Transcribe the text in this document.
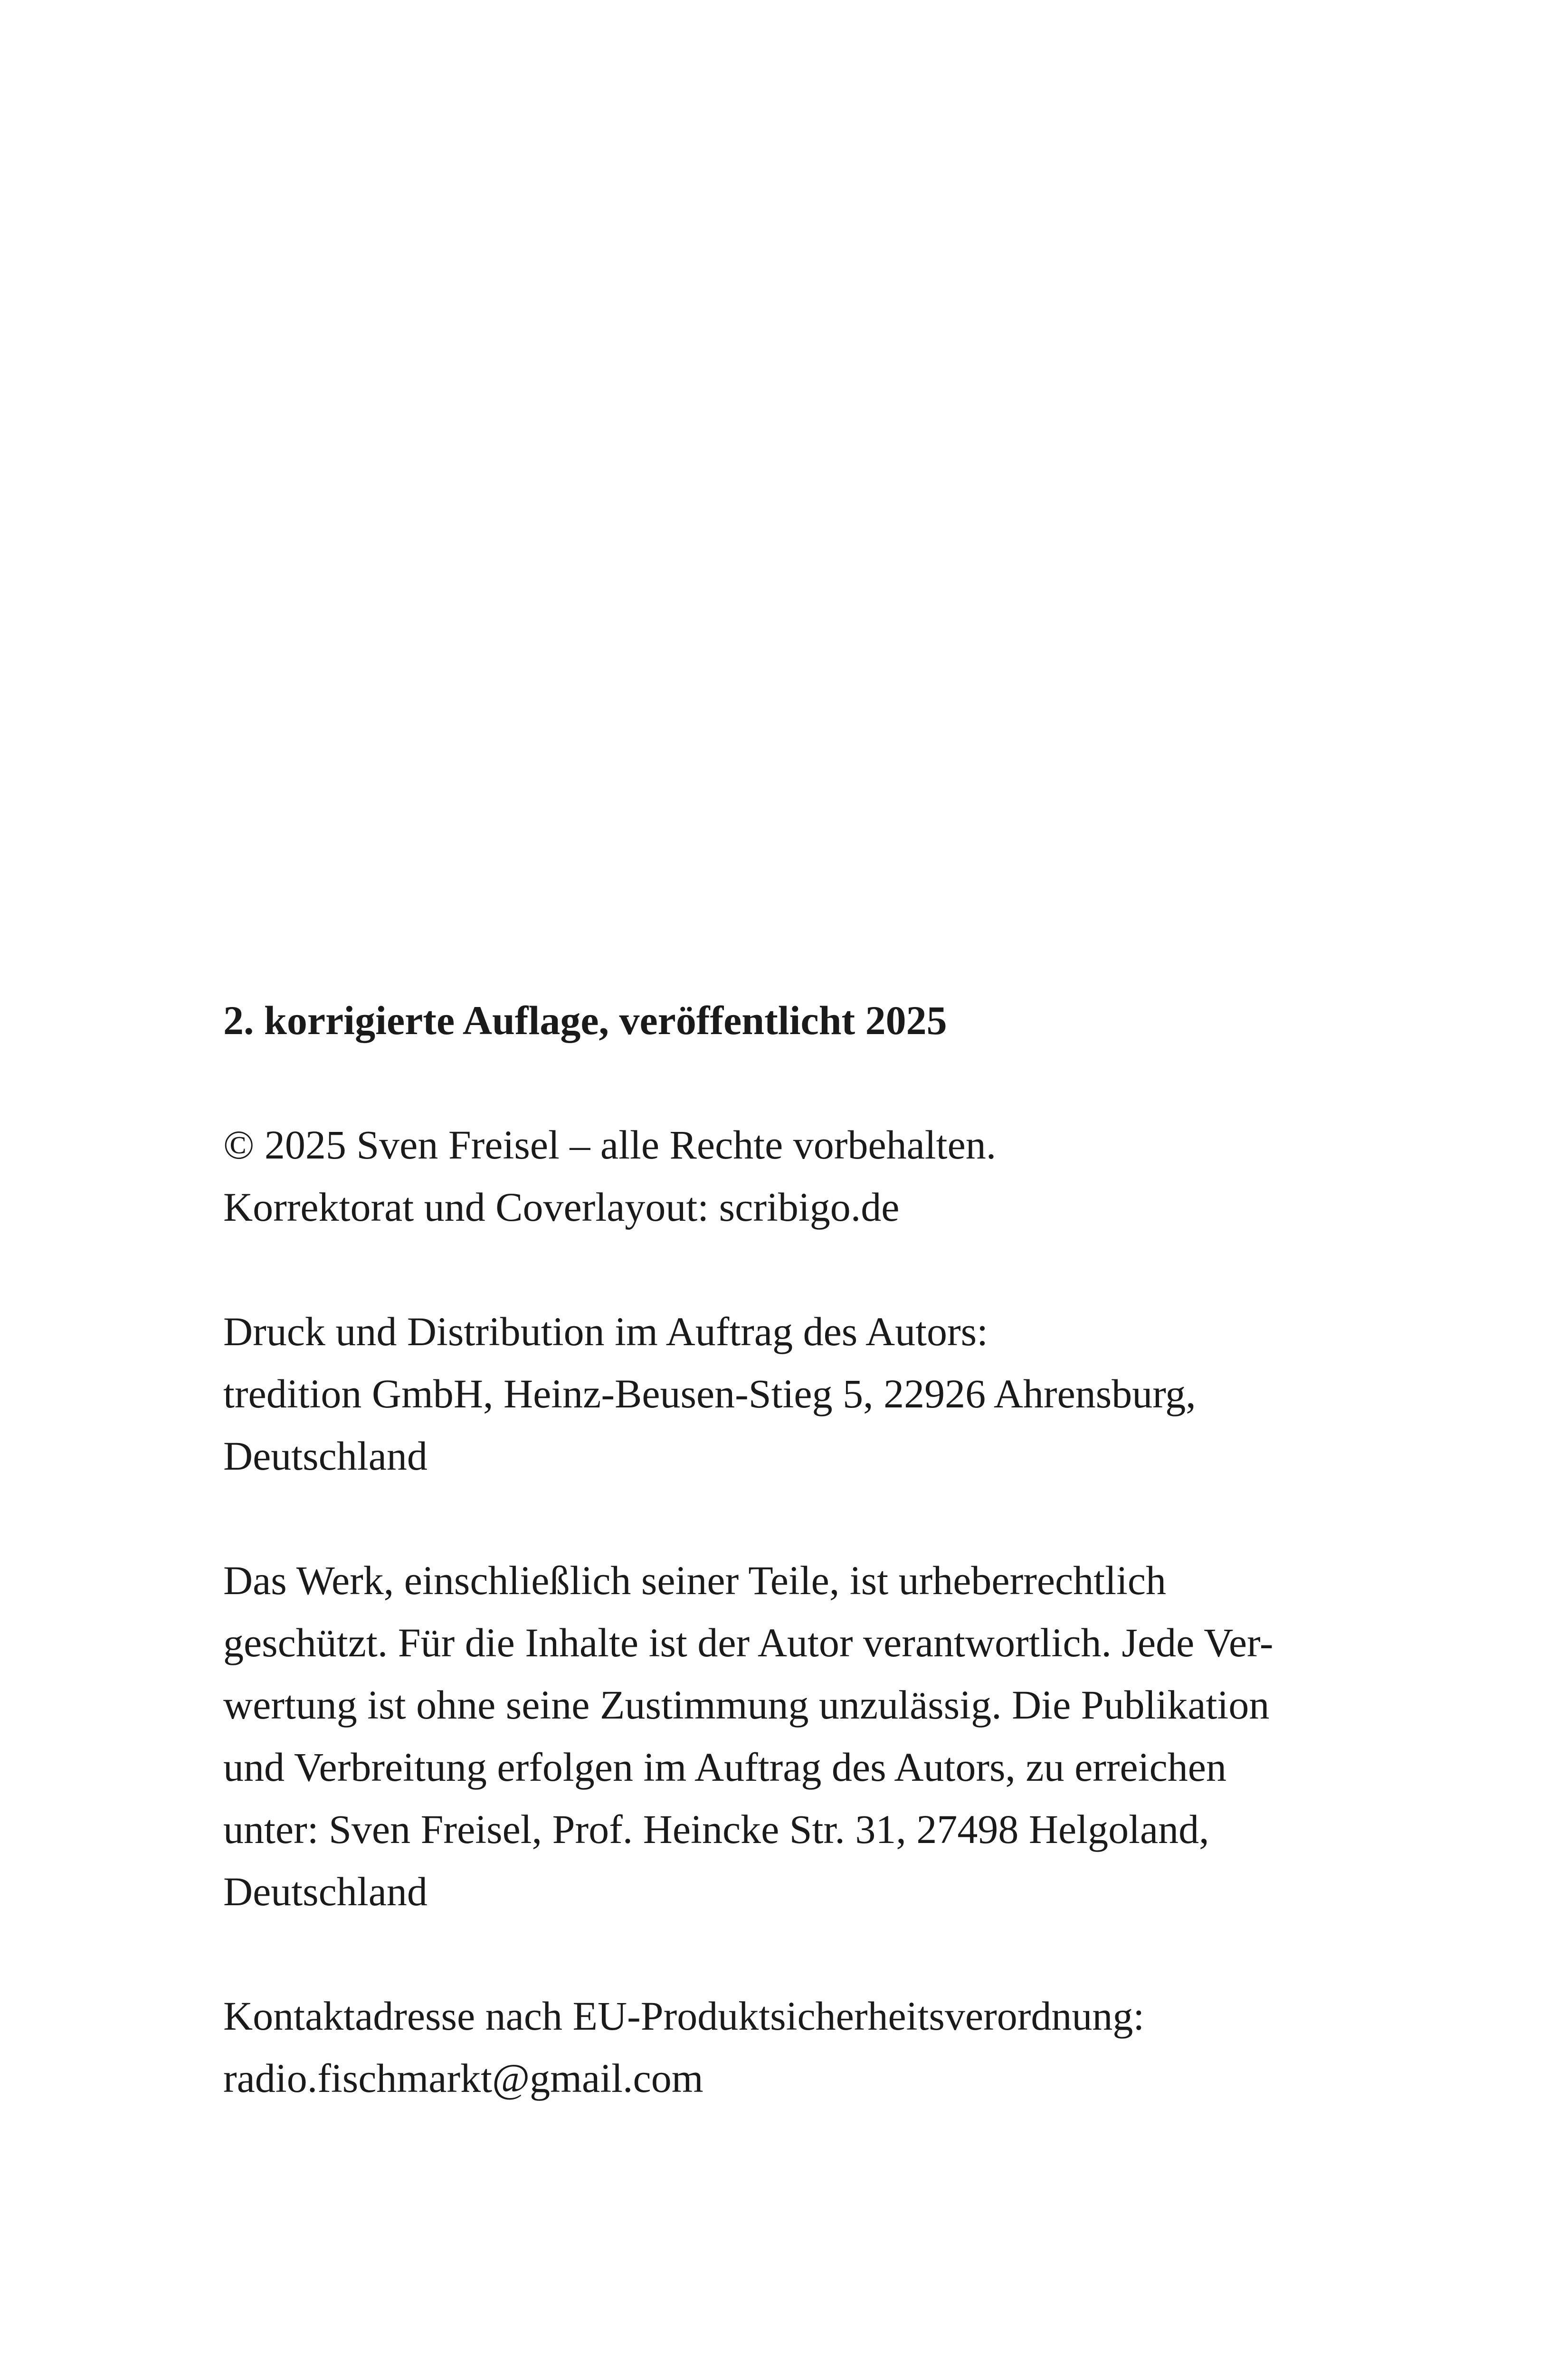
2. korrigierte Auflage, veröffentlicht 2025
© 2025 Sven Freisel – alle Rechte vorbehalten.
Korrektorat und Coverlayout: scribigo.de
Druck und Distribution im Auftrag des Autors:
tredition GmbH, Heinz-Beusen-Stieg 5, 22926 Ahrensburg,
Deutschland
Das Werk, einschließlich seiner Teile, ist urheberrechtlich
geschützt. Für die Inhalte ist der Autor verantwortlich. Jede Ver-
wertung ist ohne seine Zustimmung unzulässig. Die Publikation
und Verbreitung erfolgen im Auftrag des Autors, zu erreichen
unter: Sven Freisel, Prof. Heincke Str. 31, 27498 Helgoland,
Deutschland
Kontaktadresse nach EU-Produktsicherheitsverordnung:
radio.fischmarkt@gmail.com
